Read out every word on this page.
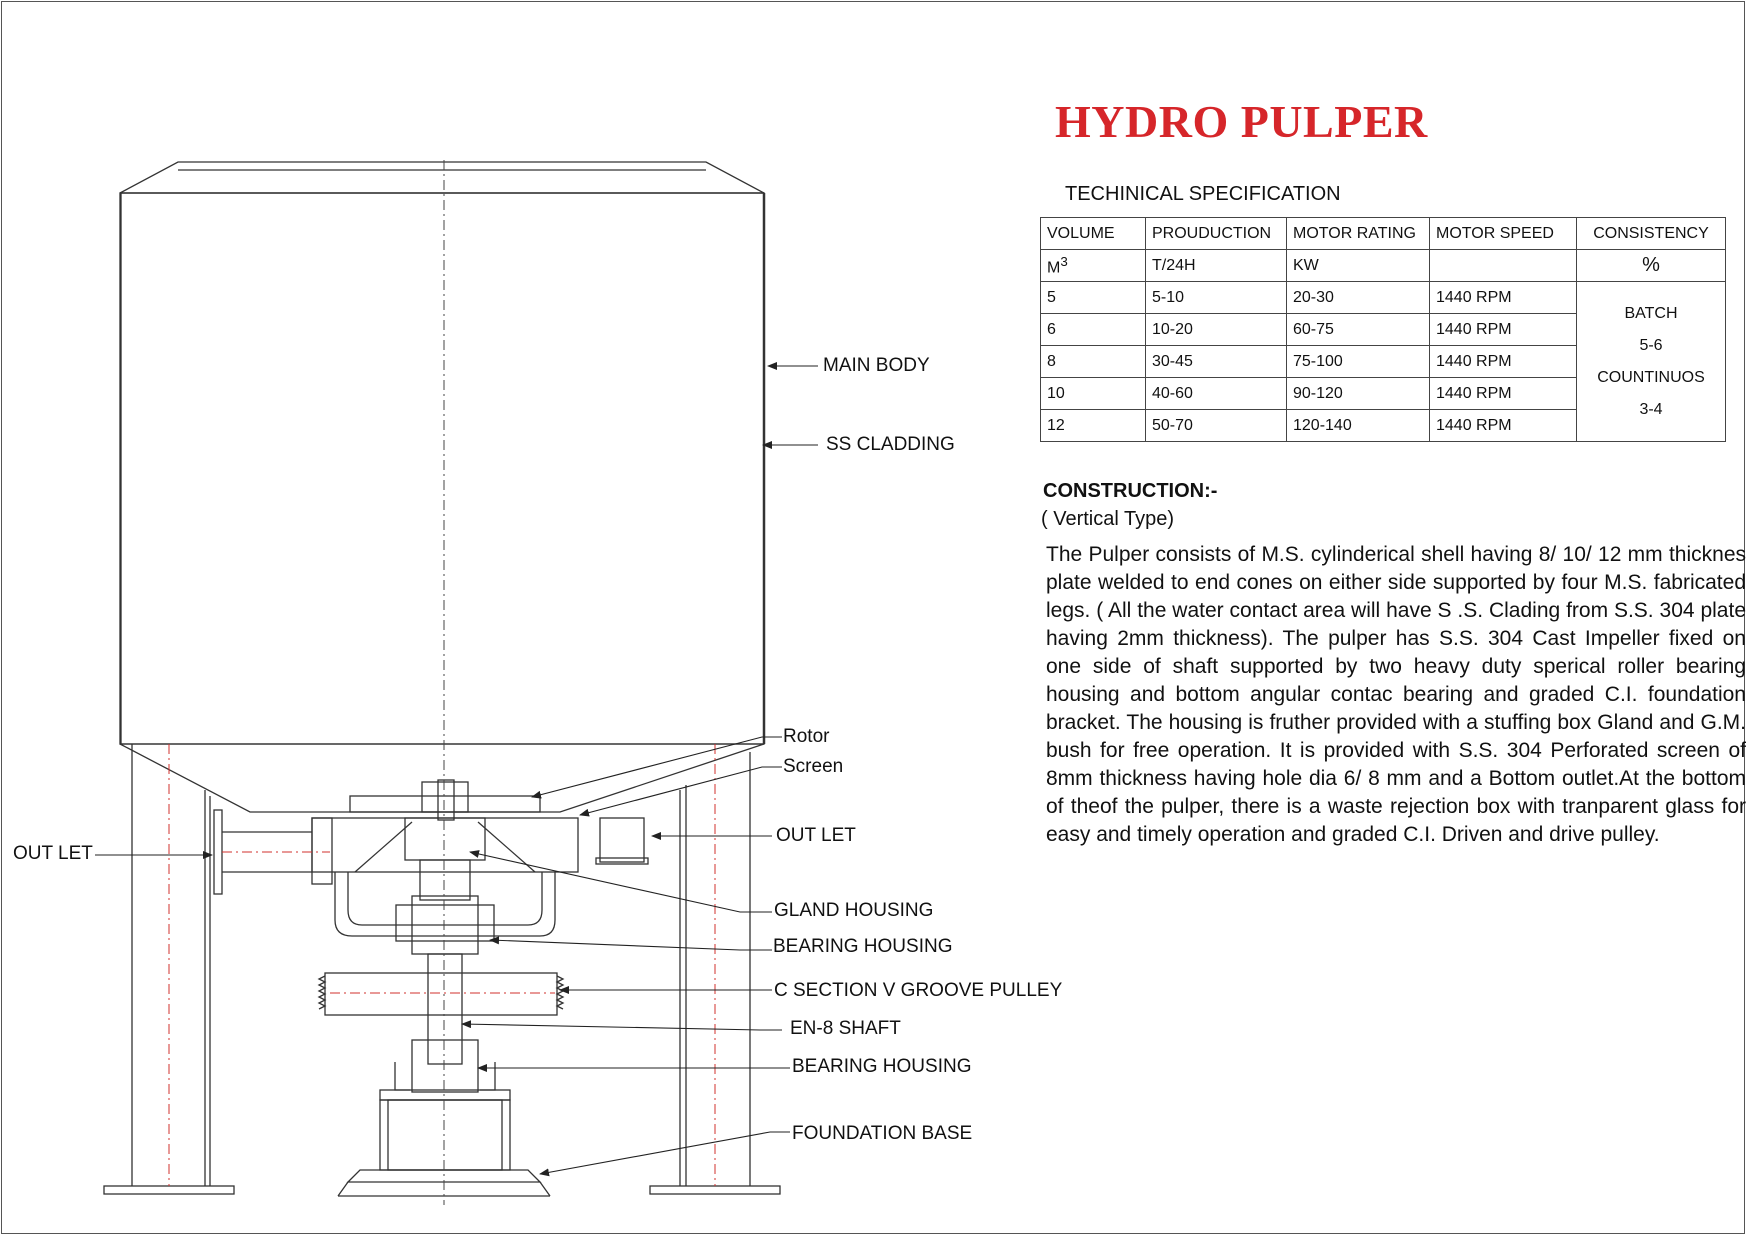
MAIN BODY
SS CLADDING
Rotor
Screen
OUT LET
OUT LET
GLAND HOUSING
BEARING HOUSING
C SECTION V GROOVE PULLEY
EN-8 SHAFT
BEARING HOUSING
FOUNDATION BASE
HYDRO PULPER
TECHINICAL SPECIFICATION
VOLUME	PROUDUCTION	MOTOR RATING	MOTOR SPEED	CONSISTENCY
$M^3$	T/24H	KW		%
5	5-10	20-30	1440 RPM	BATCH
5-6
COUNTINUOS
3-4

6	10-20	60-75	1440 RPM	
8	30-45	75-100	1440 RPM	
10	40-60	90-120	1440 RPM	
12	50-70	120-140	1440 RPM	
CONSTRUCTION:-
( Vertical Type)
The Pulper consists of M.S. cylinderical shell having 8/ 10/ 12 mm thicknes plate welded to end cones on either side supported by four M.S. fabricated legs. ( All the water contact area will have S .S. Clading from S.S. 304 plate having 2mm thickness). The pulper has S.S. 304 Cast Impeller fixed on one side of shaft supported by two heavy duty sperical roller bearing housing and bottom angular contac bearing and graded C.I. foundation bracket. The housing is fruther provided with a stuffing box Gland and G.M. bush for free operation. It is provided with S.S. 304 Perforated screen of 8mm thickness having hole dia 6/ 8 mm and a Bottom outlet.At the bottom of theof the pulper, there is a waste rejection box with tranparent glass for easy and timely operation and graded C.I. Driven and drive pulley.
